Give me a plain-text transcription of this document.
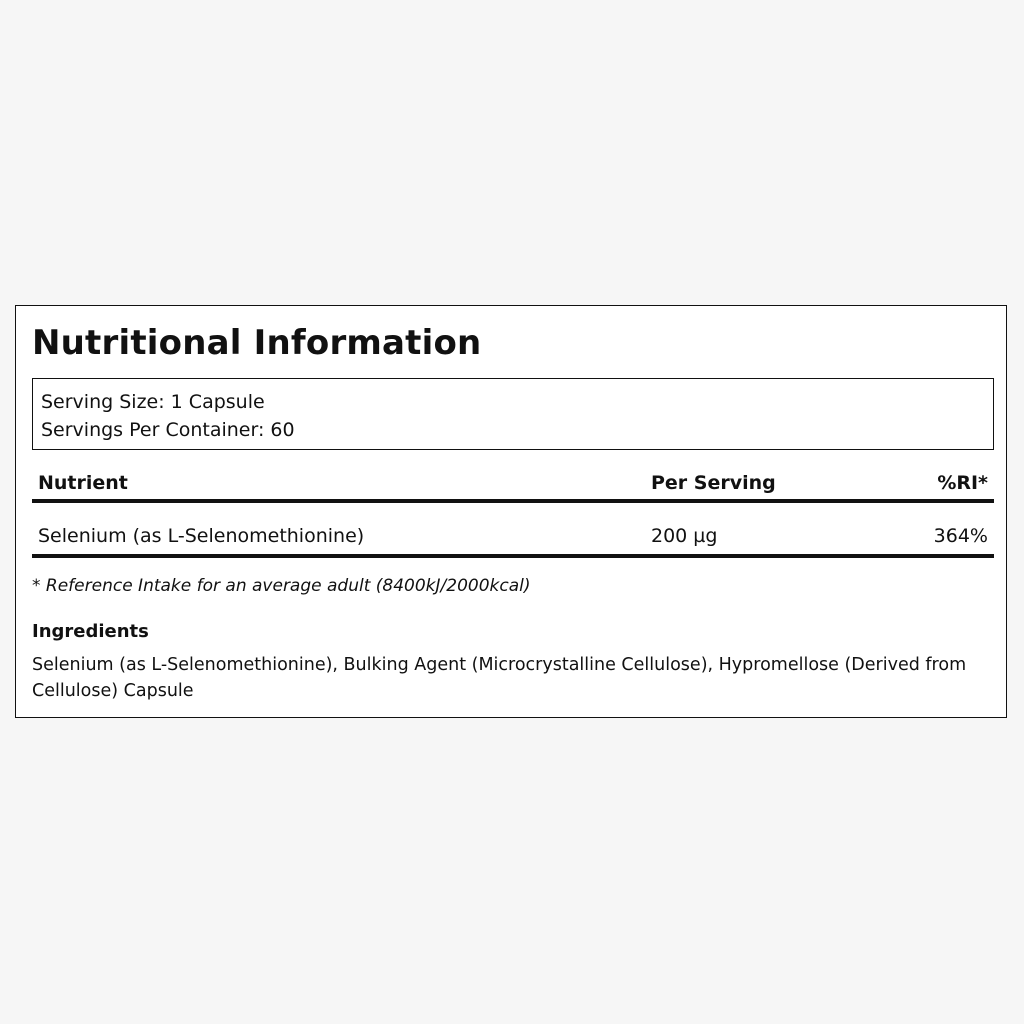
Nutritional Information
Serving Size: 1 Capsule
Servings Per Container: 60
Nutrient	Per Serving	%RI*
Selenium (as L-Selenomethionine)	200 µg	364%
* Reference Intake for an average adult (8400kJ/2000kcal)
Ingredients
Selenium (as L-Selenomethionine), Bulking Agent (Microcrystalline Cellulose), Hypromellose (Derived from Cellulose) Capsule
